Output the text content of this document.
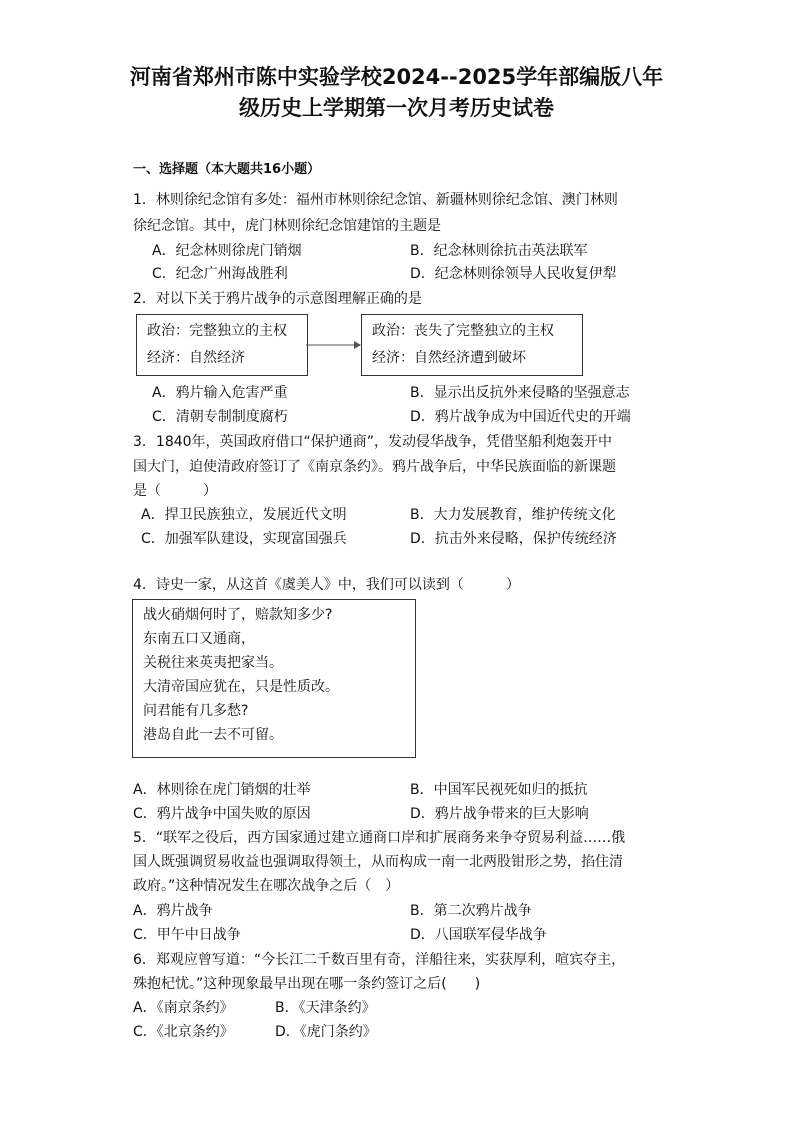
河南省郑州市陈中实验学校2024--2025学年部编版八年
级历史上学期第一次月考历史试卷
一、选择题（本大题共16小题）
1．林则徐纪念馆有多处：福州市林则徐纪念馆、新疆林则徐纪念馆、澳门林则
徐纪念馆。其中，虎门林则徐纪念馆建馆的主题是
A．纪念林则徐虎门销烟	B．纪念林则徐抗击英法联军
C．纪念广州海战胜利	D．纪念林则徐领导人民收复伊犁
2．对以下关于鸦片战争的示意图理解正确的是
政治：完整独立的主权
经济：自然经济
政治：丧失了完整独立的主权
经济：自然经济遭到破坏
A．鸦片输入危害严重	B．显示出反抗外来侵略的坚强意志
C．清朝专制制度腐朽	D．鸦片战争成为中国近代史的开端
3．1840年，英国政府借口“保护通商”，发动侵华战争，凭借坚船利炮轰开中
国大门，迫使清政府签订了《南京条约》。鸦片战争后，中华民族面临的新课题
是（　　　）
A．捍卫民族独立，发展近代文明	B．大力发展教育，维护传统文化
C．加强军队建设，实现富国强兵	D．抗击外来侵略，保护传统经济
4．诗史一家，从这首《虞美人》中，我们可以读到（　　　）
战火硝烟何时了，赔款知多少?
东南五口又通商，
关税往来英夷把家当。
大清帝国应犹在，只是性质改。
问君能有几多愁?
港岛自此一去不可留。
A．林则徐在虎门销烟的壮举	B．中国军民视死如归的抵抗
C．鸦片战争中国失败的原因	D．鸦片战争带来的巨大影响
5．“联军之役后，西方国家通过建立通商口岸和扩展商务来争夺贸易利益……俄
国人既强调贸易收益也强调取得领土，从而构成一南一北两股钳形之势，掐住清
政府。”这种情况发生在哪次战争之后（　）
A．鸦片战争	B．第二次鸦片战争
C．甲午中日战争	D．八国联军侵华战争
6．郑观应曾写道：“今长江二千数百里有奇，洋船往来，实获厚利，喧宾夺主，
殊抱杞忧。”这种现象最早出现在哪一条约签订之后(　　)
A．《南京条约》	B．《天津条约》
C．《北京条约》	D．《虎门条约》
